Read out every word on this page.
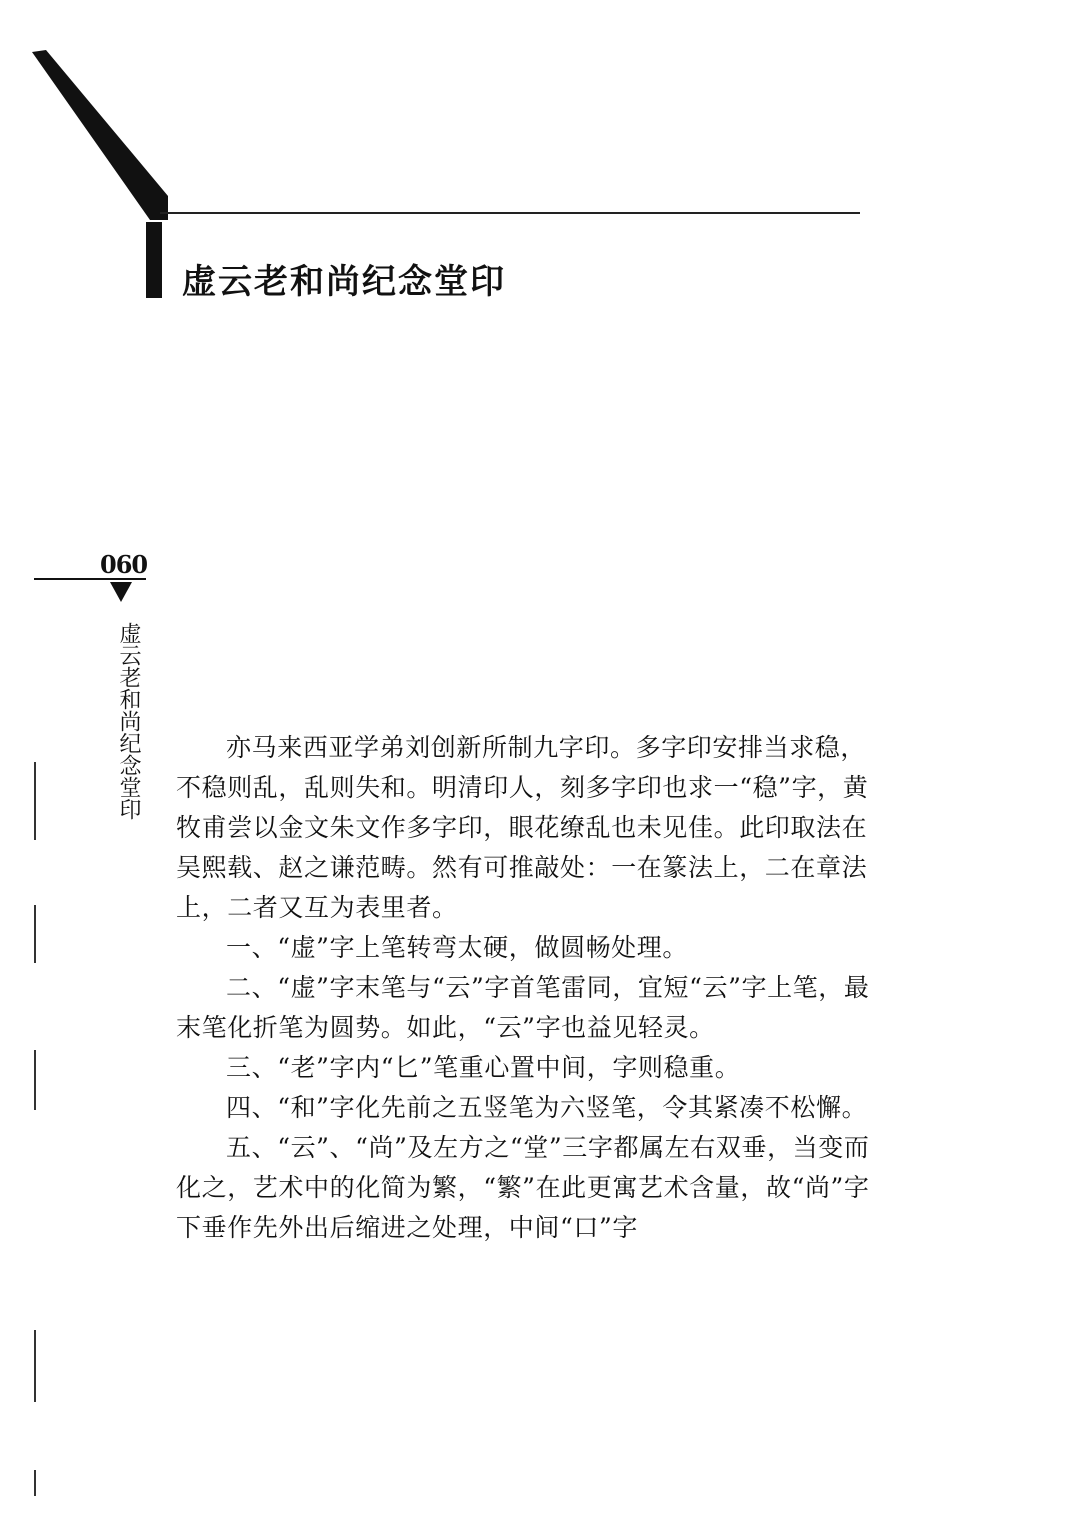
虚云老和尚纪念堂印
060
虚云老和尚纪念堂印	亦马来西亚学弟刘创新所制九字印。多字印安排当求稳，不稳则乱，乱则失和。明清印人，刻多字印也求一“稳”字，黄牧甫尝以金文朱文作多字印，眼花缭乱也未见佳。此印取法在吴熙载、赵之谦范畴。然有可推敲处：一在篆法上，二在章法上，二者又互为表里者。

一、“虚”字上笔转弯太硬，做圆畅处理。

二、“虚”字末笔与“云”字首笔雷同，宜短“云”字上笔，最末笔化折笔为圆势。如此，“云”字也益见轻灵。

三、“老”字内“匕”笔重心置中间，字则稳重。

四、“和”字化先前之五竖笔为六竖笔，令其紧凑不松懈。

五、“云”、“尚”及左方之“堂”三字都属左右双垂，当变而化之，艺术中的化简为繁，“繁”在此更寓艺术含量，故“尚”字下垂作先外出后缩进之处理，中间“口”字
